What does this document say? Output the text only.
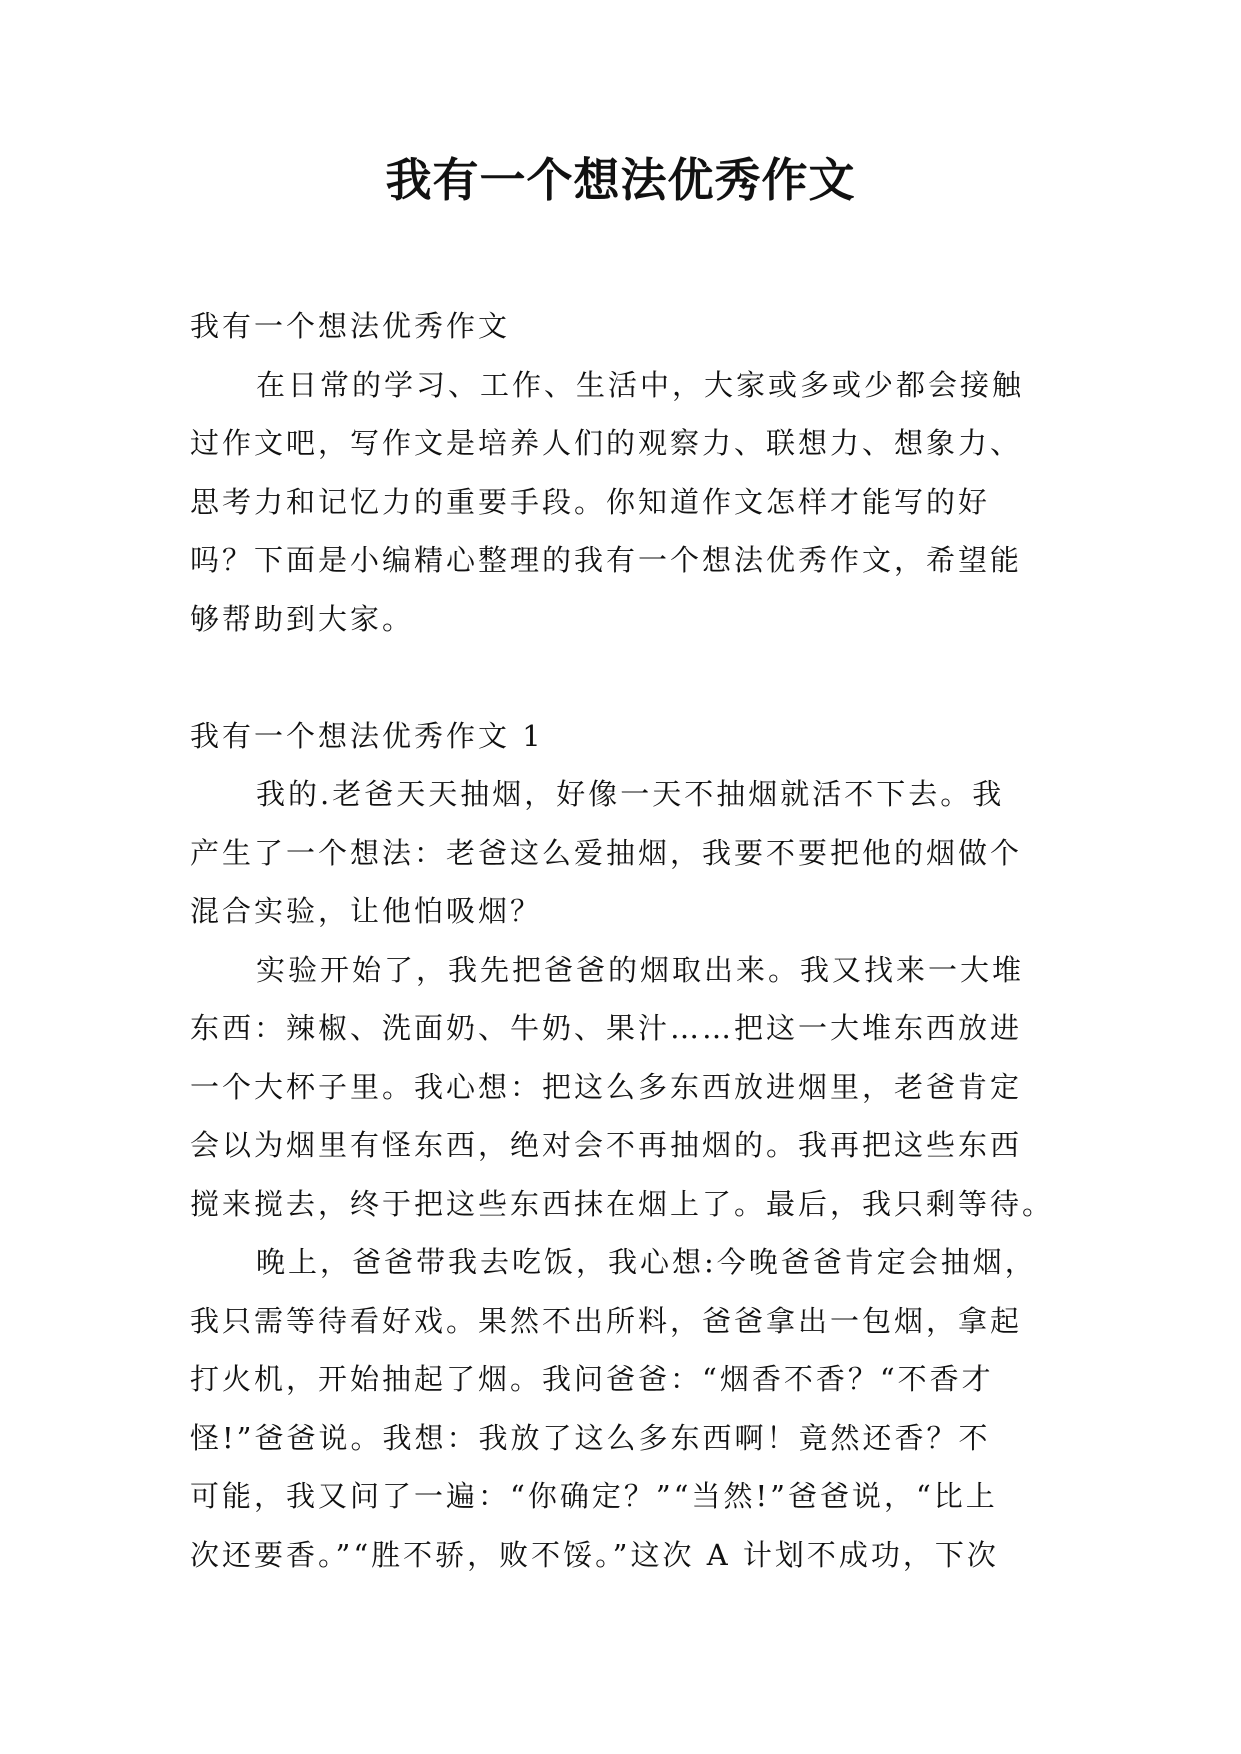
我有一个想法优秀作文
我有一个想法优秀作文
在日常的学习、工作、生活中，大家或多或少都会接触
过作文吧，写作文是培养人们的观察力、联想力、想象力、
思考力和记忆力的重要手段。你知道作文怎样才能写的好
吗？下面是小编精心整理的我有一个想法优秀作文，希望能
够帮助到大家。
我有一个想法优秀作文 1
我的.老爸天天抽烟，好像一天不抽烟就活不下去。我
产生了一个想法：老爸这么爱抽烟，我要不要把他的烟做个
混合实验，让他怕吸烟？
实验开始了，我先把爸爸的烟取出来。我又找来一大堆
东西：辣椒、洗面奶、牛奶、果汁……把这一大堆东西放进
一个大杯子里。我心想：把这么多东西放进烟里，老爸肯定
会以为烟里有怪东西，绝对会不再抽烟的。我再把这些东西
搅来搅去，终于把这些东西抹在烟上了。最后，我只剩等待。
晚上，爸爸带我去吃饭，我心想:今晚爸爸肯定会抽烟，
我只需等待看好戏。果然不出所料，爸爸拿出一包烟，拿起
打火机，开始抽起了烟。我问爸爸：“烟香不香？“不香才
怪!”爸爸说。我想：我放了这么多东西啊！竟然还香？不
可能，我又问了一遍：“你确定？”“当然!”爸爸说，“比上
次还要香。”“胜不骄，败不馁。”这次 A 计划不成功，下次
